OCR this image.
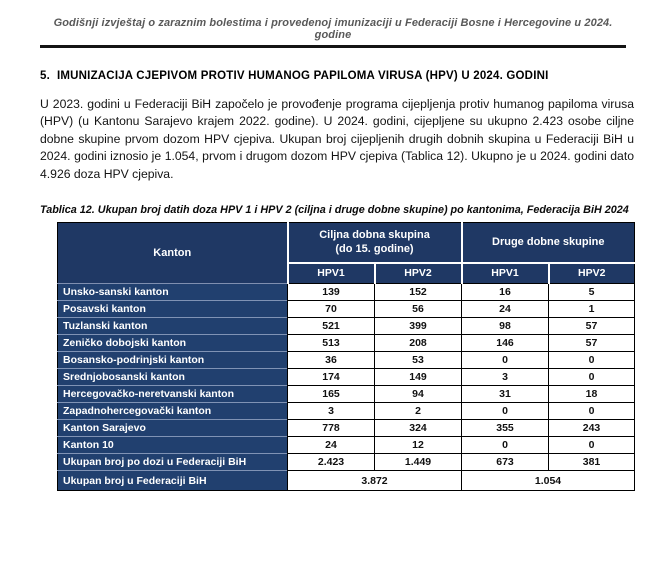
Godišnji izvještaj o zaraznim bolestima i provedenoj imunizaciji u Federaciji Bosne i Hercegovine u 2024. godine
5. IMUNIZACIJA CJEPIVOM PROTIV HUMANOG PAPILOMA VIRUSA (HPV) U 2024. GODINI

U 2023. godini u Federaciji BiH započelo je provođenje programa cijepljenja protiv humanog papiloma virusa (HPV) (u Kantonu Sarajevo krajem 2022. godine). U 2024. godini, cijepljene su ukupno 2.423 osobe ciljne dobne skupine prvom dozom HPV cjepiva. Ukupan broj cijepljenih drugih dobnih skupina u Federaciji BiH u 2024. godini iznosio je 1.054, prvom i drugom dozom HPV cjepiva (Tablica 12). Ukupno je u 2024. godini dato 4.926 doza HPV cjepiva.

Tablica 12. Ukupan broj datih doza HPV 1 i HPV 2 (ciljna i druge dobne skupine) po kantonima, Federacija BiH 2024
Kanton	Ciljna dobna skupina
(do 15. godine)		Druge dobne skupine	
	HPV1	HPV2	HPV1	HPV2
Unsko-sanski kanton	139	152	16	5
Posavski kanton	70	56	24	1
Tuzlanski kanton	521	399	98	57
Zeničko dobojski kanton	513	208	146	57
Bosansko-podrinjski kanton	36	53	0	0
Srednjobosanski kanton	174	149	3	0
Hercegovačko-neretvanski kanton	165	94	31	18
Zapadnohercegovački kanton	3	2	0	0
Kanton Sarajevo	778	324	355	243
Kanton 10	24	12	0	0
Ukupan broj po dozi u Federaciji BiH	2.423	1.449	673	381
Ukupan broj u Federaciji BiH	3.872		1.054	
